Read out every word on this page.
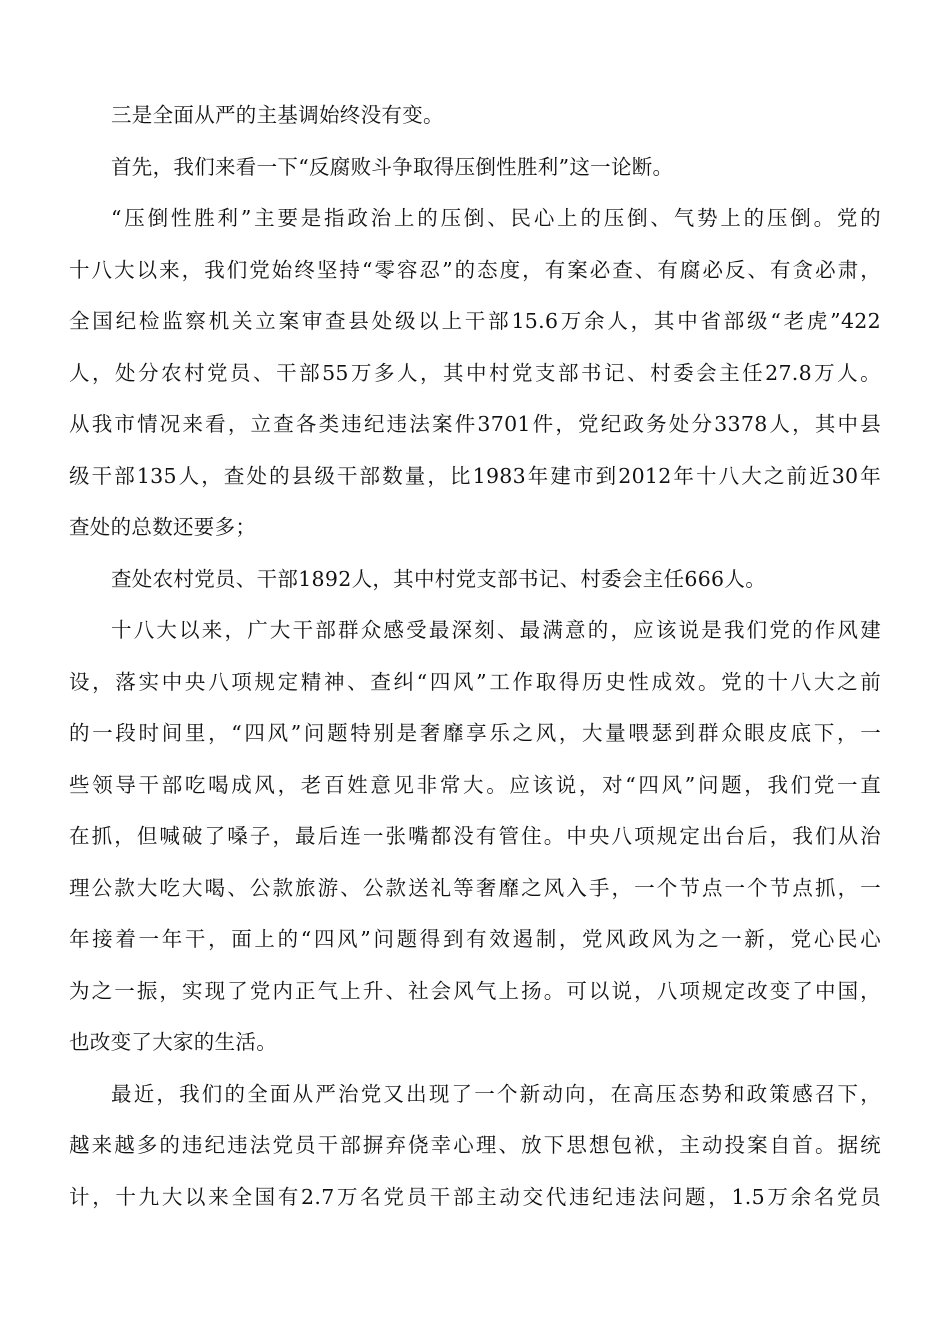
三是全面从严的主基调始终没有变。
首先，我们来看一下“反腐败斗争取得压倒性胜利”这一论断。
“压倒性胜利”主要是指政治上的压倒、民心上的压倒、气势上的压倒。党的
十八大以来，我们党始终坚持“零容忍”的态度，有案必查、有腐必反、有贪必肃，
全国纪检监察机关立案审查县处级以上干部15.6万余人，其中省部级“老虎”422
人，处分农村党员、干部55万多人，其中村党支部书记、村委会主任27.8万人。
从我市情况来看，立查各类违纪违法案件3701件，党纪政务处分3378人，其中县
级干部135人，查处的县级干部数量，比1983年建市到2012年十八大之前近30年
查处的总数还要多；
查处农村党员、干部1892人，其中村党支部书记、村委会主任666人。
十八大以来，广大干部群众感受最深刻、最满意的，应该说是我们党的作风建
设，落实中央八项规定精神、查纠“四风”工作取得历史性成效。党的十八大之前
的一段时间里，“四风”问题特别是奢靡享乐之风，大量喂瑟到群众眼皮底下，一
些领导干部吃喝成风，老百姓意见非常大。应该说，对“四风”问题，我们党一直
在抓，但喊破了嗓子，最后连一张嘴都没有管住。中央八项规定出台后，我们从治
理公款大吃大喝、公款旅游、公款送礼等奢靡之风入手，一个节点一个节点抓，一
年接着一年干，面上的“四风”问题得到有效遏制，党风政风为之一新，党心民心
为之一振，实现了党内正气上升、社会风气上扬。可以说，八项规定改变了中国，
也改变了大家的生活。
最近，我们的全面从严治党又出现了一个新动向，在高压态势和政策感召下，
越来越多的违纪违法党员干部摒弃侥幸心理、放下思想包袱，主动投案自首。据统
计，十九大以来全国有2.7万名党员干部主动交代违纪违法问题，1.5万余名党员
